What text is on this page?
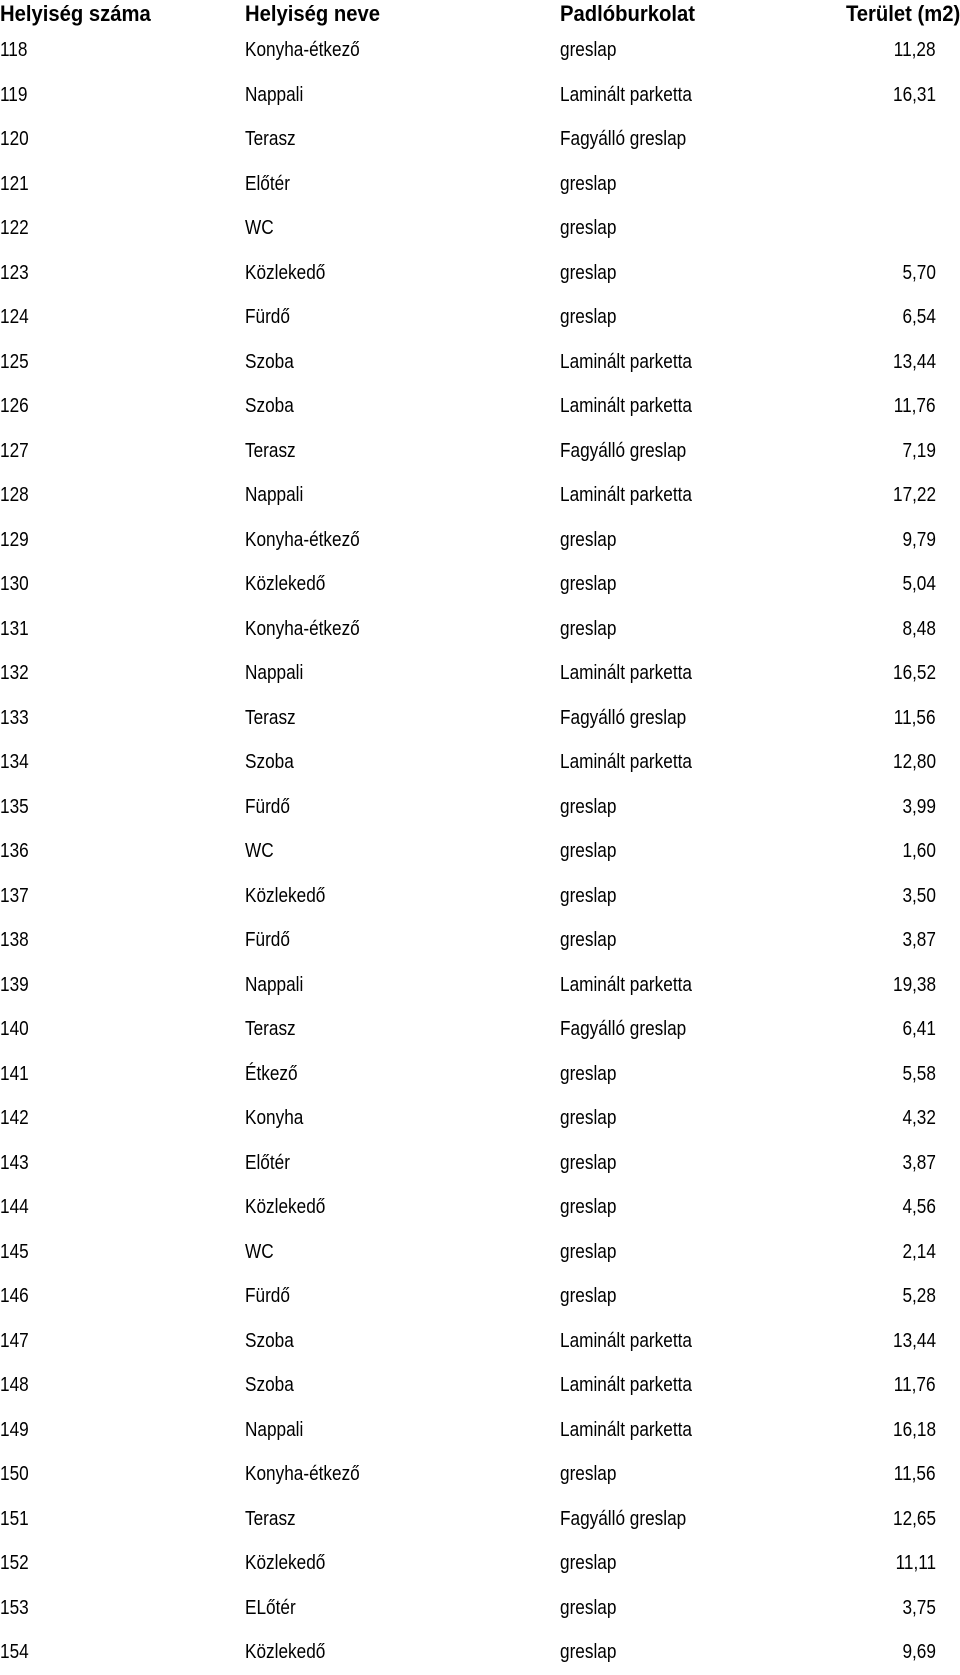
Helyiség száma	Helyiség neve	Padlóburkolat	Terület (m2)
118	Konyha-étkező	greslap	11,28
119	Nappali	Laminált parketta	16,31
120	Terasz	Fagyálló greslap
121	Előtér	greslap
122	WC	greslap
123	Közlekedő	greslap	5,70
124	Fürdő	greslap	6,54
125	Szoba	Laminált parketta	13,44
126	Szoba	Laminált parketta	11,76
127	Terasz	Fagyálló greslap	7,19
128	Nappali	Laminált parketta	17,22
129	Konyha-étkező	greslap	9,79
130	Közlekedő	greslap	5,04
131	Konyha-étkező	greslap	8,48
132	Nappali	Laminált parketta	16,52
133	Terasz	Fagyálló greslap	11,56
134	Szoba	Laminált parketta	12,80
135	Fürdő	greslap	3,99
136	WC	greslap	1,60
137	Közlekedő	greslap	3,50
138	Fürdő	greslap	3,87
139	Nappali	Laminált parketta	19,38
140	Terasz	Fagyálló greslap	6,41
141	Étkező	greslap	5,58
142	Konyha	greslap	4,32
143	Előtér	greslap	3,87
144	Közlekedő	greslap	4,56
145	WC	greslap	2,14
146	Fürdő	greslap	5,28
147	Szoba	Laminált parketta	13,44
148	Szoba	Laminált parketta	11,76
149	Nappali	Laminált parketta	16,18
150	Konyha-étkező	greslap	11,56
151	Terasz	Fagyálló greslap	12,65
152	Közlekedő	greslap	11,11
153	ELőtér	greslap	3,75
154	Közlekedő	greslap	9,69
